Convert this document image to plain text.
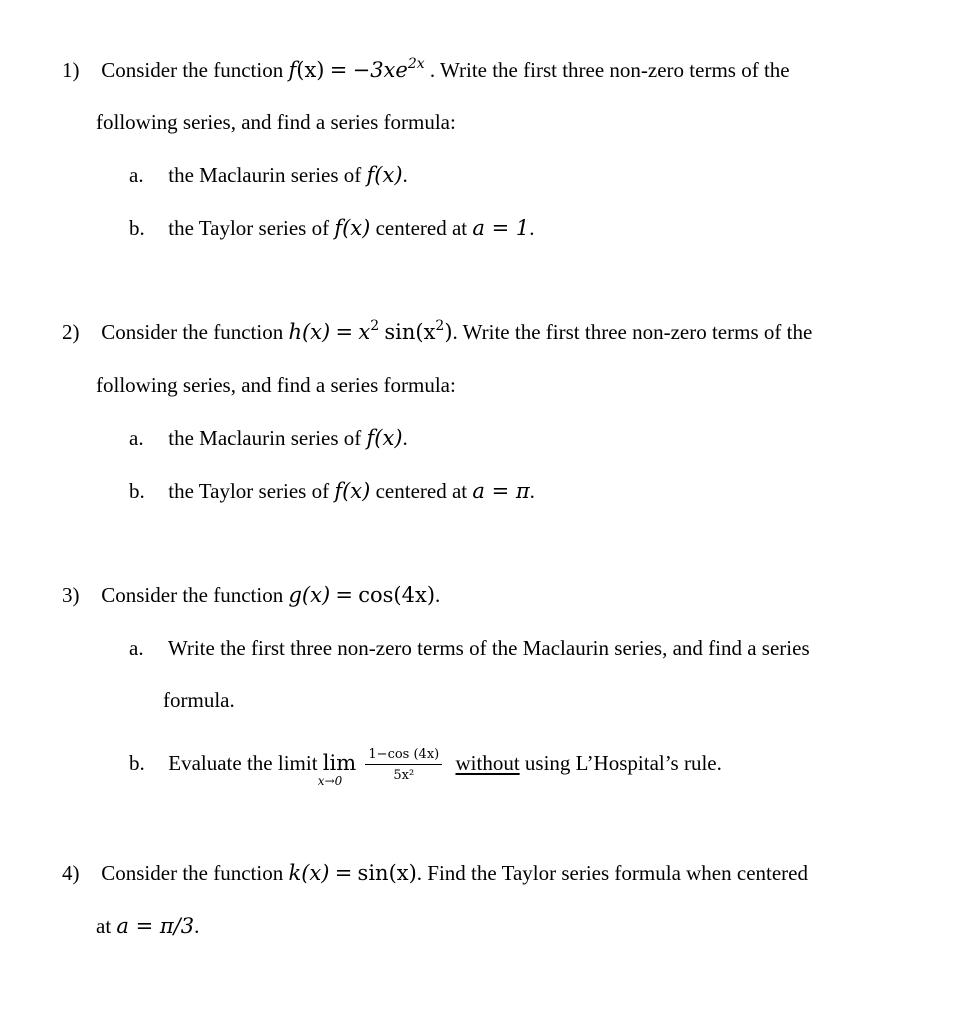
1) Consider the function $f(x) = -3xe^{2x}$ . Write the first three non-zero terms of the
following series, and find a series formula:
a. the Maclaurin series of f(x).
b. the Taylor series of f(x) centered at a = 1.
2) Consider the function $h(x) = x^2$ $\sin(x^2)$. Write the first three non-zero terms of the
following series, and find a series formula:
a. the Maclaurin series of f(x).
b. the Taylor series of f(x) centered at a = π.
3) Consider the function g(x) = cos(4x).
a. Write the first three non-zero terms of the Maclaurin series, and find a series
formula.
b. Evaluate the limit lim
x→0
$\frac{1-\cos (4x)}{\text{5x²}}$ without using L’Hospital’s rule.
4) Consider the function k(x) = sin(x). Find the Taylor series formula when centered
at a = π/3.
